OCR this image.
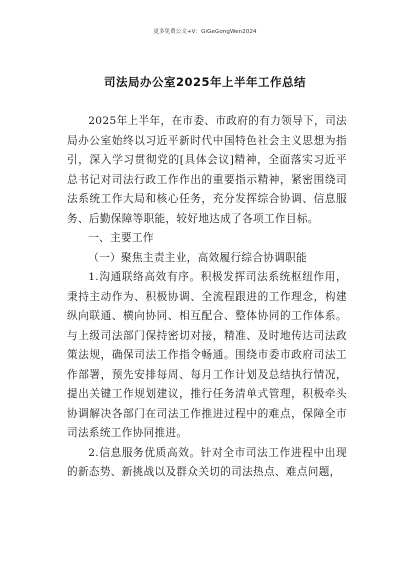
更多免费公文+V：GiGeGongWen2024
司法局办公室2025年上半年工作总结

2025年上半年，在市委、市政府的有力领导下，司法局办公室始终以习近平新时代中国特色社会主义思想为指引，深入学习贯彻党的[具体会议]精神，全面落实习近平总书记对司法行政工作作出的重要指示精神，紧密围绕司法系统工作大局和核心任务，充分发挥综合协调、信息服务、后勤保障等职能，较好地达成了各项工作目标。

一、主要工作

（一）聚焦主责主业，高效履行综合协调职能

1.沟通联络高效有序。积极发挥司法系统枢纽作用，秉持主动作为、积极协调、全流程跟进的工作理念，构建纵向联通、横向协同、相互配合、整体协同的工作体系。与上级司法部门保持密切对接，精准、及时地传达司法政策法规，确保司法工作指令畅通。围绕市委市政府司法工作部署，预先安排每周、每月工作计划及总结执行情况，提出关键工作规划建议，推行任务清单式管理，积极牵头协调解决各部门在司法工作推进过程中的难点，保障全市司法系统工作协同推进。

2.信息服务优质高效。针对全市司法工作进程中出现的新态势、新挑战以及群众关切的司法热点、难点问题，
